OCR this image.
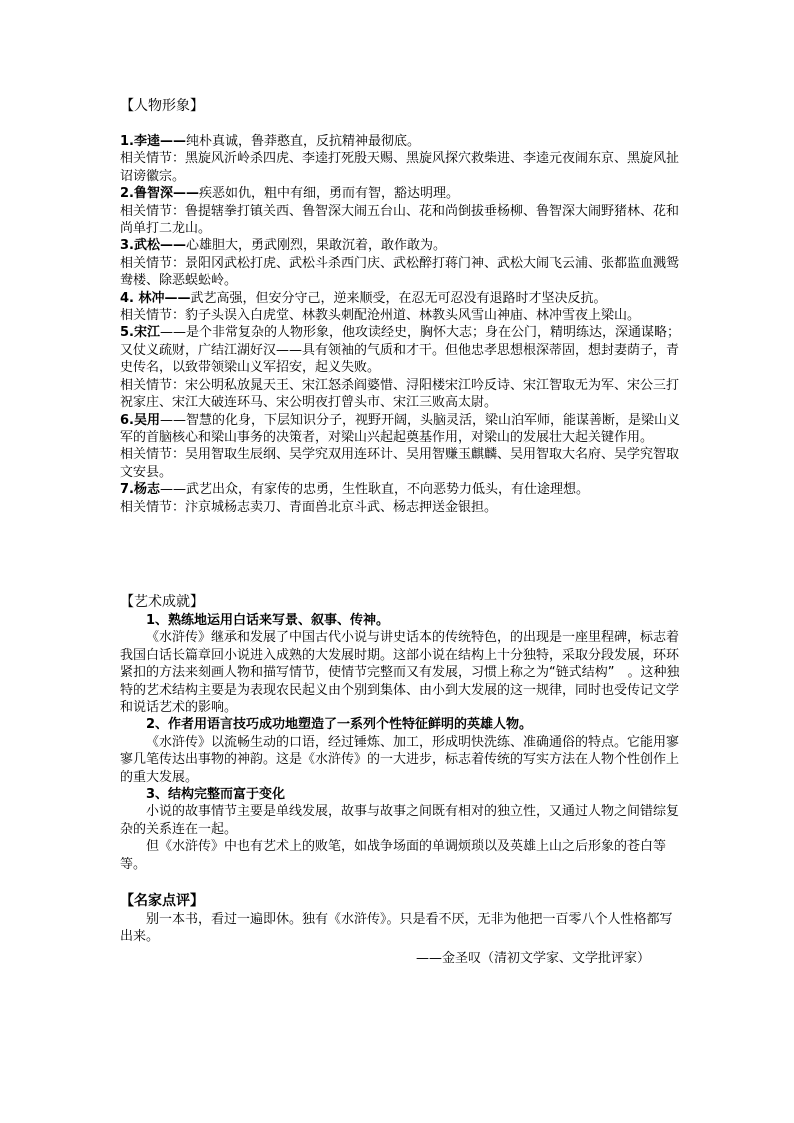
【人物形象】
1.李逵——纯朴真诚，鲁莽憨直，反抗精神最彻底。
相关情节：黑旋风沂岭杀四虎、李逵打死殷天赐、黑旋风探穴救柴进、李逵元夜闹东京、黑旋风扯诏谤徽宗。
2.鲁智深——疾恶如仇，粗中有细，勇而有智，豁达明理。
相关情节：鲁提辖拳打镇关西、鲁智深大闹五台山、花和尚倒拔垂杨柳、鲁智深大闹野猪林、花和尚单打二龙山。
3.武松——心雄胆大，勇武刚烈，果敢沉着，敢作敢为。
相关情节：景阳冈武松打虎、武松斗杀西门庆、武松醉打蒋门神、武松大闹飞云浦、张都监血溅鸳鸯楼、除恶蜈蚣岭。
4. 林冲——武艺高强，但安分守己，逆来顺受，在忍无可忍没有退路时才坚决反抗。
相关情节：豹子头误入白虎堂、林教头刺配沧州道、林教头风雪山神庙、林冲雪夜上梁山。
5.宋江——是个非常复杂的人物形象，他攻读经史，胸怀大志；身在公门，精明练达，深通谋略；又仗义疏财，广结江湖好汉——具有领袖的气质和才干。但他忠孝思想根深蒂固，想封妻荫子，青史传名，以致带领梁山义军招安，起义失败。
相关情节：宋公明私放晁天王、宋江怒杀阎婆惜、浔阳楼宋江吟反诗、宋江智取无为军、宋公三打祝家庄、宋江大破连环马、宋公明夜打曾头市、宋江三败高太尉。
6.吴用——智慧的化身，下层知识分子，视野开阔，头脑灵活，梁山泊军师，能谋善断，是梁山义军的首脑核心和梁山事务的决策者，对梁山兴起起奠基作用，对梁山的发展壮大起关键作用。
相关情节：吴用智取生辰纲、吴学究双用连环计、吴用智赚玉麒麟、吴用智取大名府、吴学究智取文安县。
7.杨志——武艺出众，有家传的忠勇，生性耿直，不向恶势力低头，有仕途理想。
相关情节：汴京城杨志卖刀、青面兽北京斗武、杨志押送金银担。
【艺术成就】
1、熟练地运用白话来写景、叙事、传神。
《水浒传》继承和发展了中国古代小说与讲史话本的传统特色，的出现是一座里程碑，标志着我国白话长篇章回小说进入成熟的大发展时期。这部小说在结构上十分独特，采取分段发展，环环紧扣的方法来刻画人物和描写情节，使情节完整而又有发展，习惯上称之为“链式结构”　。这种独特的艺术结构主要是为表现农民起义由个别到集体、由小到大发展的这一规律，同时也受传记文学和说话艺术的影响。
2、作者用语言技巧成功地塑造了一系列个性特征鲜明的英雄人物。
《水浒传》以流畅生动的口语，经过锤炼、加工，形成明快洗练、准确通俗的特点。它能用寥寥几笔传达出事物的神韵。这是《水浒传》的一大进步，标志着传统的写实方法在人物个性创作上的重大发展。
3、结构完整而富于变化
小说的故事情节主要是单线发展，故事与故事之间既有相对的独立性，又通过人物之间错综复杂的关系连在一起。
但《水浒传》中也有艺术上的败笔，如战争场面的单调烦琐以及英雄上山之后形象的苍白等等。
【名家点评】
别一本书，看过一遍即休。独有《水浒传》。只是看不厌，无非为他把一百零八个人性格都写出来。
——金圣叹（清初文学家、文学批评家）
